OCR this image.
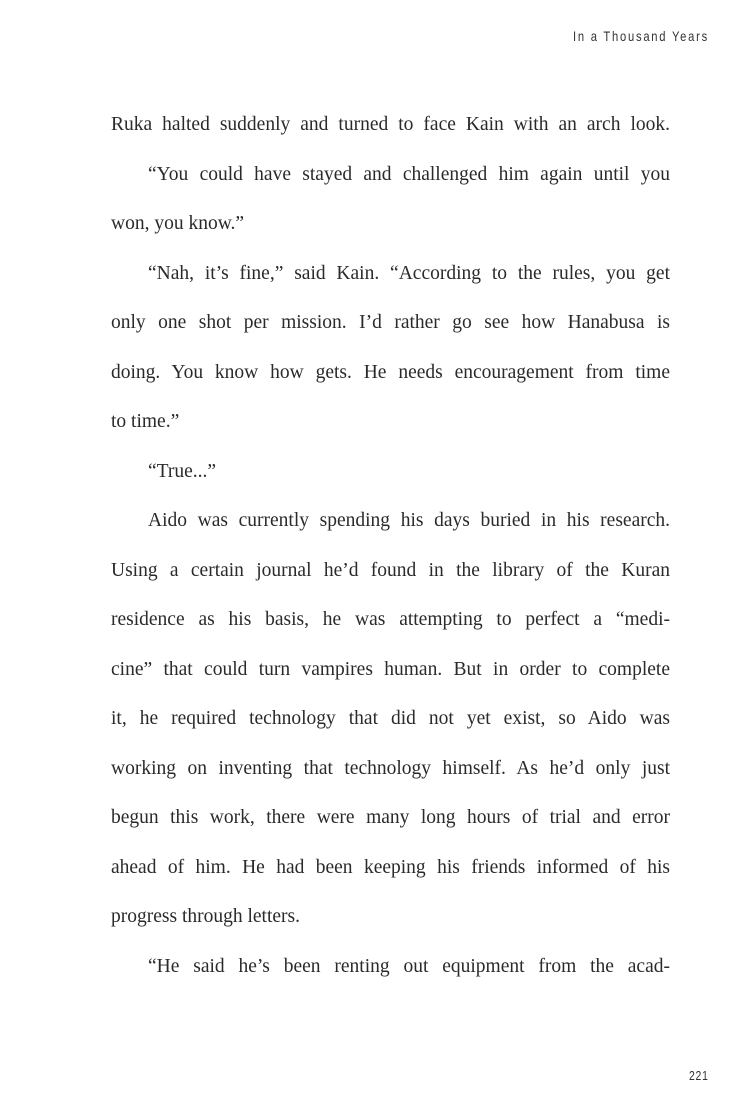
In a Thousand Years
Ruka halted suddenly and turned to face Kain with an arch look.
“You could have stayed and challenged him again until you
won, you know.”
“Nah, it’s fine,” said Kain. “According to the rules, you get
only one shot per mission. I’d rather go see how Hanabusa is
doing. You know how gets. He needs encouragement from time
to time.”
“True...”
Aido was currently spending his days buried in his research.
Using a certain journal he’d found in the library of the Kuran
residence as his basis, he was attempting to perfect a “medi-
cine” that could turn vampires human. But in order to complete
it, he required technology that did not yet exist, so Aido was
working on inventing that technology himself. As he’d only just
begun this work, there were many long hours of trial and error
ahead of him. He had been keeping his friends informed of his
progress through letters.
“He said he’s been renting out equipment from the acad-
221
